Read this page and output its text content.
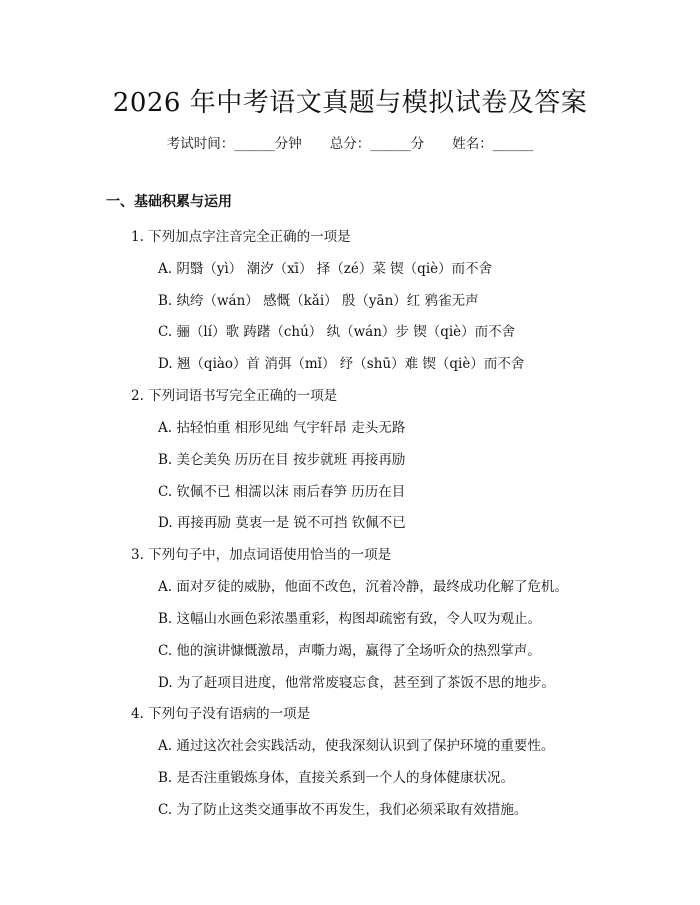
2026 年中考语文真题与模拟试卷及答案
考试时间：______分钟 总分：______分 姓名：______
一、基础积累与运用
1. 下列加点字注音完全正确的一项是
A. 阴翳（yì） 潮汐（xī） 择（zé）菜 锲（qiè）而不舍
B. 纨绔（wán） 感慨（kǎi） 殷（yān）红 鸦雀无声
C. 骊（lí）歌 踌躇（chú） 纨（wán）步 锲（qiè）而不舍
D. 翘（qiào）首 消弭（mǐ） 纾（shū）难 锲（qiè）而不舍
2. 下列词语书写完全正确的一项是
A. 拈轻怕重 相形见绌 气宇轩昂 走头无路
B. 美仑美奂 历历在目 按步就班 再接再励
C. 钦佩不已 相濡以沫 雨后春笋 历历在目
D. 再接再励 莫衷一是 锐不可挡 钦佩不已
3. 下列句子中，加点词语使用恰当的一项是
A. 面对歹徒的威胁，他面不改色，沉着冷静，最终成功化解了危机。
B. 这幅山水画色彩浓墨重彩，构图却疏密有致，令人叹为观止。
C. 他的演讲慷慨激昂，声嘶力竭，赢得了全场听众的热烈掌声。
D. 为了赶项目进度，他常常废寝忘食，甚至到了茶饭不思的地步。
4. 下列句子没有语病的一项是
A. 通过这次社会实践活动，使我深刻认识到了保护环境的重要性。
B. 是否注重锻炼身体，直接关系到一个人的身体健康状况。
C. 为了防止这类交通事故不再发生，我们必须采取有效措施。
